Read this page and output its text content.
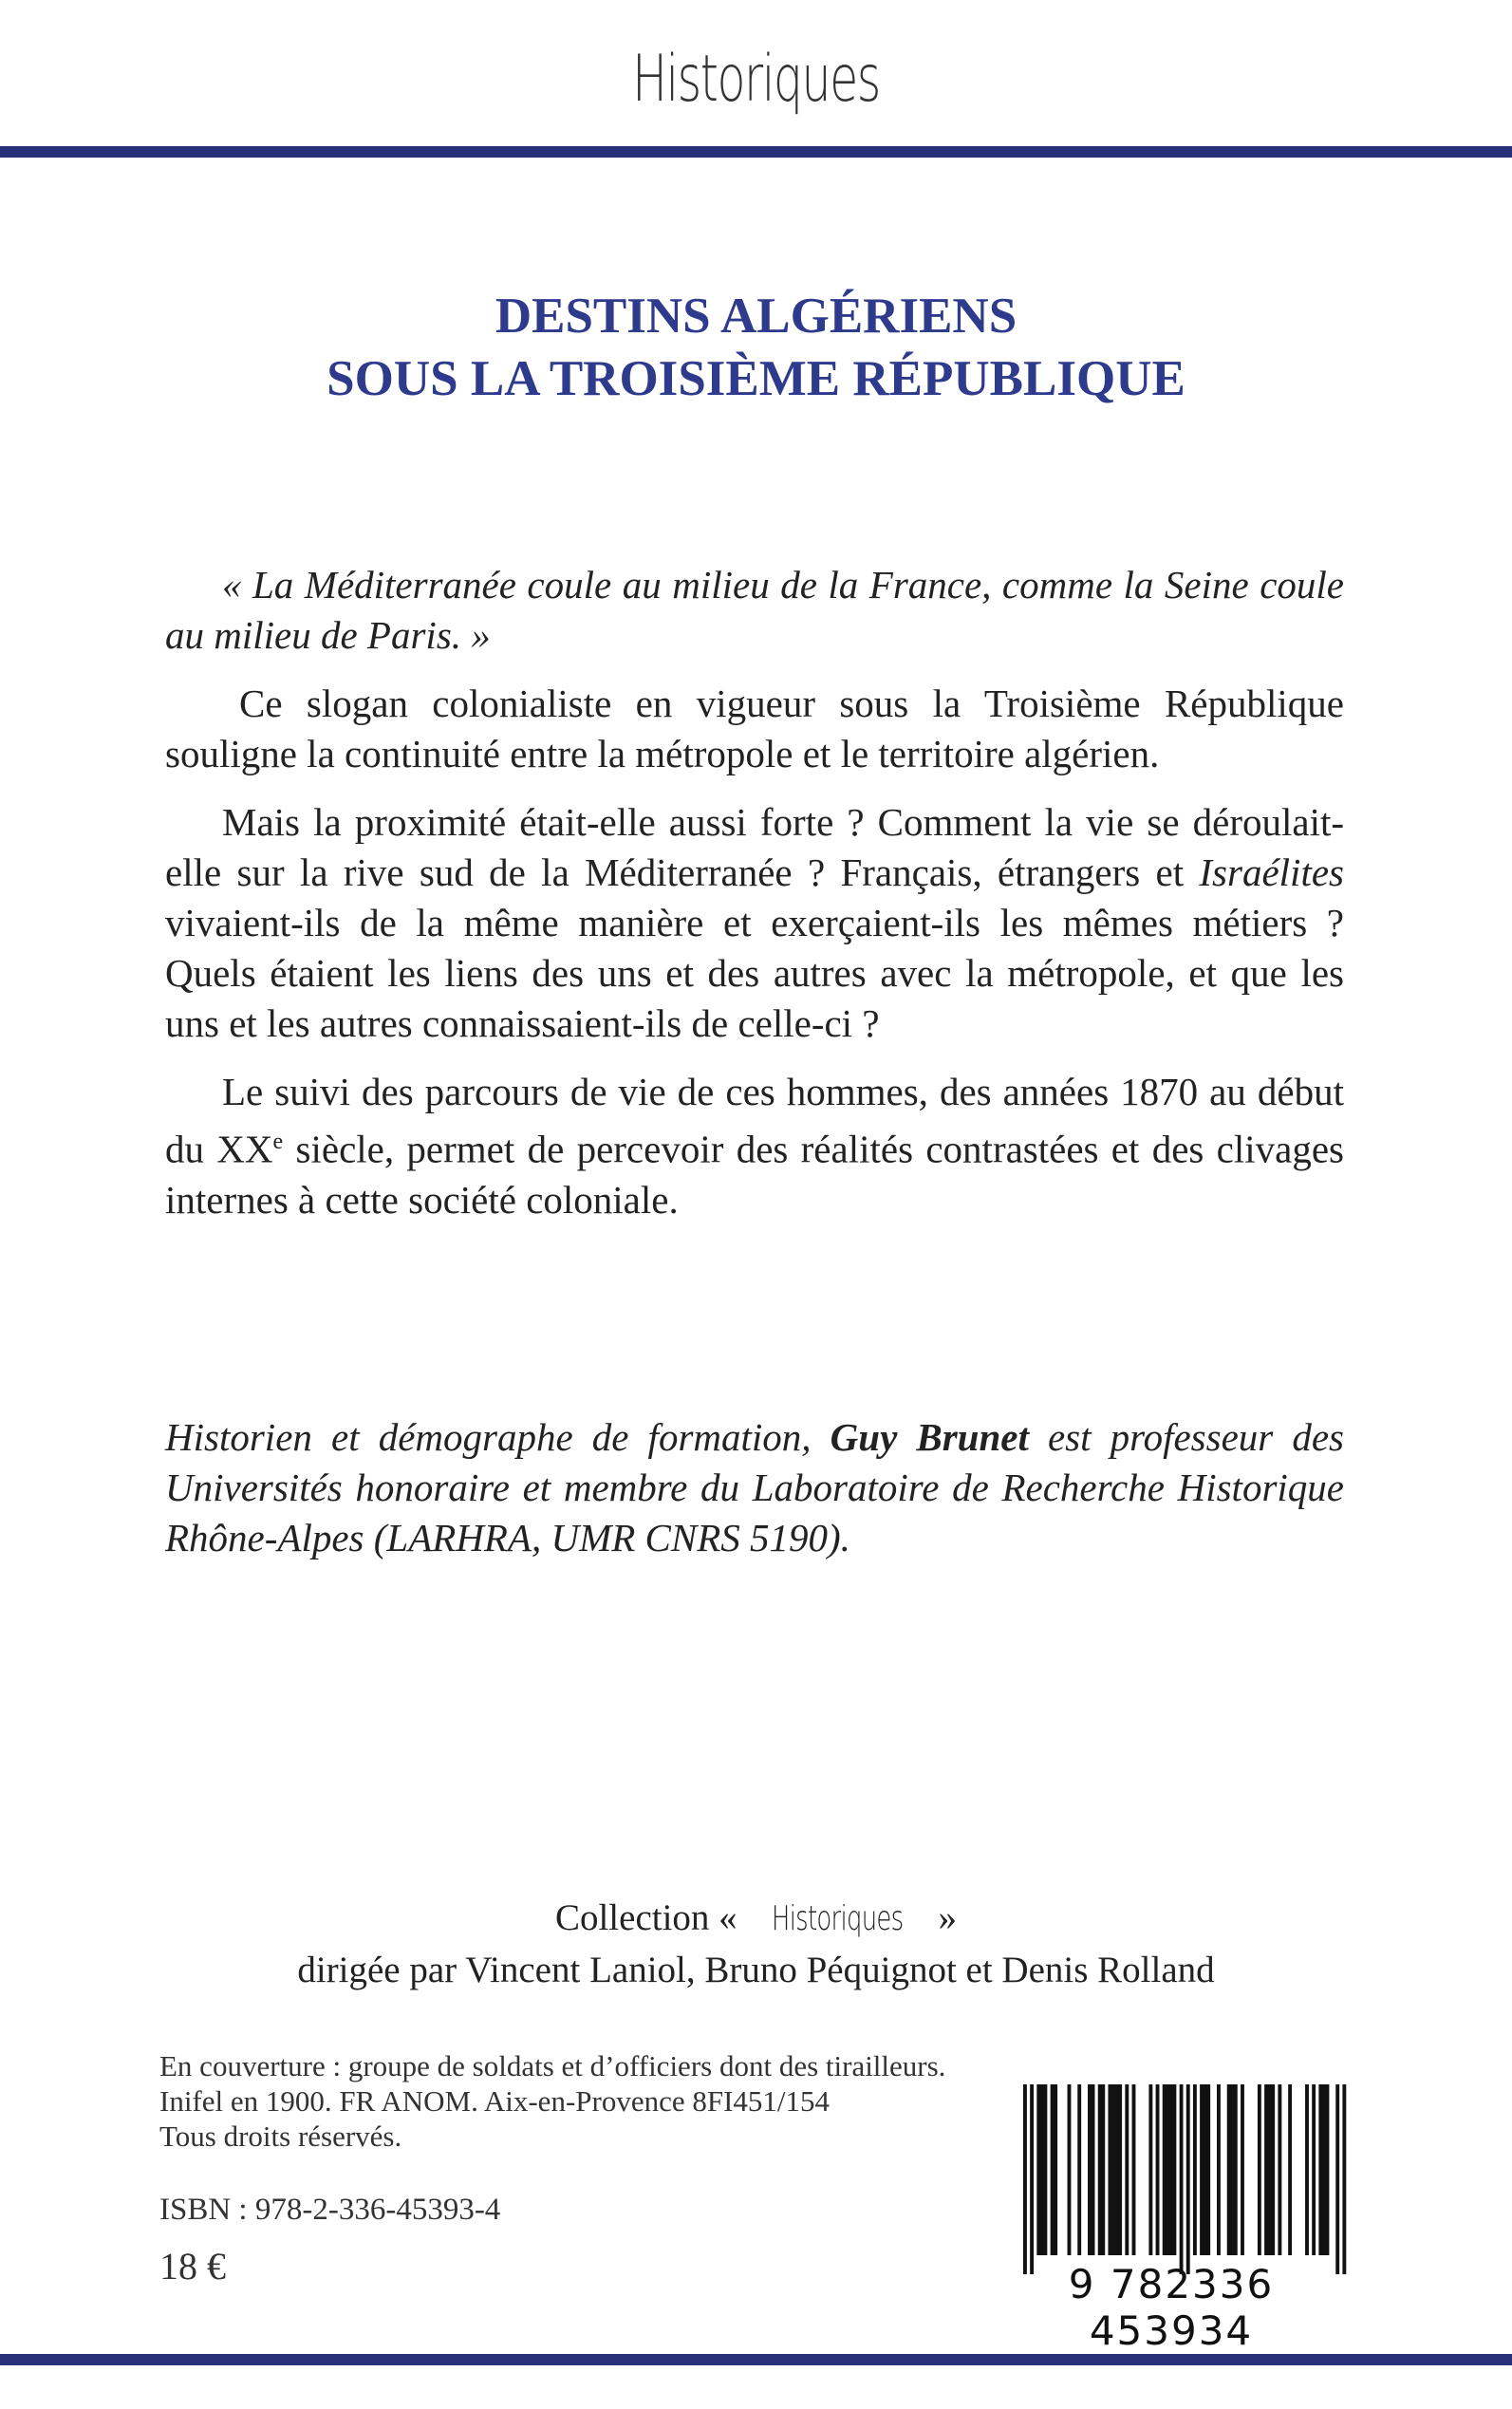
Historiques
DESTINS ALGÉRIENS
SOUS LA TROISIÈME RÉPUBLIQUE

« La Méditerranée coule au milieu de la France, comme la Seine coule au milieu de Paris. »

Ce slogan colonialiste en vigueur sous la Troisième République souligne la continuité entre la métropole et le territoire algérien.

Mais la proximité était-elle aussi forte ? Comment la vie se déroulait-elle sur la rive sud de la Méditerranée ? Français, étrangers et Israélites vivaient-ils de la même manière et exerçaient-ils les mêmes métiers ? Quels étaient les liens des uns et des autres avec la métropole, et que les uns et les autres connaissaient-ils de celle-ci ?

Le suivi des parcours de vie de ces hommes, des années 1870 au début du XXe siècle, permet de percevoir des réalités contrastées et des clivages internes à cette société coloniale.

Historien et démographe de formation, Guy Brunet est professeur des Universités honoraire et membre du Laboratoire de Recherche Historique Rhône-Alpes (LARHRA, UMR CNRS 5190).

Collection « Historiques »
dirigée par Vincent Laniol, Bruno Péquignot et Denis Rolland
En couverture : groupe de soldats et d’officiers dont des tirailleurs.
Inifel en 1900. FR ANOM. Aix-en-Provence 8FI451/154
Tous droits réservés.
ISBN : 978-2-336-45393-4
18 €	9 782336 453934
